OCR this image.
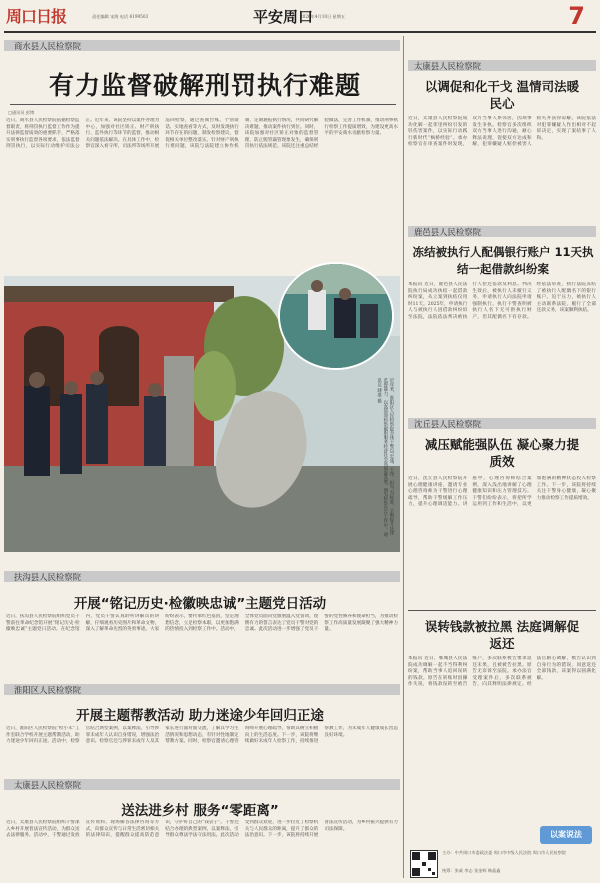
周口日报	责任编辑 宋海 电话 6199503	2026年4月10日 星期五
平安周口	7
商水县人民检察院
有力监督破解刑罚执行难题
□通讯员 彭博
近日，商水县人民检察院依据检察监督职责，将刑罚执行监督工作作为提升法律监督质效的重要抓手，严格落实刑事执行监督各项要求，依法监督刑罚执行，以实际行动维护司法公正。近年来，该院坚持以案件办理为中心，加强对社区矫正、财产刑执行、监外执行等环节的监督，推动相关问题依法解决。在具体工作中，检察官深入看守所、司法所等场所开展巡回检察，通过查阅台账、个别谈话、实地查看等方式，及时发现执行环节存在的问题，制发检察建议，督促相关单位整改落实。针对财产刑执行难问题，该院与法院建立协作机制，定期通报执行情况，共同研究解决难题，推动案件执行到位。同时，该院加强对社区矫正对象的监督管理，防止脱管漏管现象发生，确保刑罚执行依法规范。该院还注重总结经验做法，完善工作机制，推动刑事执行检察工作提质增效，为建设更高水平的平安商水贡献检察力量。
近年来，淮阳区人民检察院全体干警以‘忠诚、干净、担当’为标准，不断提升法律监督能力，以高质效检察履职服务经济社会高质量发展。图为检察官在工作中。通讯员 肆准 摄
扶沟县人民检察院
开展“铭记历史·检徽映忠诚”主题党日活动
近日，扶沟县人民检察院组织党员干警前往革命纪念馆开展“铭记历史·检徽映忠诚”主题党日活动。在纪念馆内，党员干警认真聆听讲解员的讲解，仔细观看历史图片和革命文物，深入了解革命先烈的英勇事迹。大家纷纷表示，要传承红色基因，坚定理想信念，立足检察本职，以更加饱满的热情投入到检察工作中。活动中，全体党员面向党旗重温入党誓词，铿锵有力的誓言表达了党员干警对党的忠诚。此次活动进一步增强了党员干警的党性修养和使命担当，为推动检察工作高质量发展凝聚了强大精神力量。
淮阳区人民检察院
开展主题帮教活动 助力迷途少年回归正途
近日，淮阳区人民检察院“检小未”工作室联合学校开展主题帮教活动，助力迷途少年回归正途。活动中，检察官结合典型案例，以案释法，引导涉罪未成年人认识自身错误，增强法治意识。检察官还与涉罪未成年人及其家长进行面对面交流，了解其学习生活情况和思想动态，有针对性地制定帮教方案。同时，检察官邀请心理咨询师开展心理疏导，帮助其树立积极向上的生活态度。下一步，该院将继续做好未成年人检察工作，持续推进帮教工作，为未成年人健康成长营造良好环境。
太康县人民检察院
送法进乡村 服务“零距离”
近日，太康县人民检察院组织干警深入乡村开展普法宣传活动，为群众送去法律服务。活动中，干警通过发放宣传资料、现场解答法律咨询等方式，向群众宣传与日常生活密切相关的法律知识，提醒群众提高防范意识，守护好自己的“钱袋子”。干警还结合办理的典型案例，以案释法，引导群众尊法学法守法用法。此次活动受到群众欢迎，进一步拉近了检察机关与人民群众的距离，提升了群众的法治意识。下一步，该院将持续开展普法宣传活动，为乡村振兴提供有力司法保障。
太康县人民检察院
以调促和化干戈 温情司法暖民心
近日，太康县人民检察院成功化解一起邻里纠纷引发的轻伤害案件，以实际行动践行新时代“枫桥经验”。承办检察官在审查案件时发现，双方当事人系邻居，因琐事发生争执。检察官多次组织双方当事人进行沟通，耐心释法说理，促使双方达成和解，犯罪嫌疑人赔偿被害人损失并获得谅解。该院依法对犯罪嫌疑人作出相对不起诉决定，实现了案结事了人和。
鹿邑县人民检察院
冻结被执行人配偶银行账户 11天执结一起借款纠纷案
本报讯 近日，鹿邑县人民法院执行局成功执结一起借款纠纷案，从立案到执结仅用时11天。2025年，申请执行人与被执行人因借款纠纷诉至法院，法院依法判决被执行人偿还借款及利息。判决生效后，被执行人未履行义务，申请执行人向法院申请强制执行。执行干警查明被执行人名下无可供执行财产，但其配偶名下有存款。经依法审查，执行法院冻结了被执行人配偶名下的银行账户。迫于压力，被执行人主动联系法院，履行了全部还款义务，该案顺利执结。
沈丘县人民检察院
减压赋能强队伍 凝心聚力提质效
近日，沈丘县人民检察院开展心理健康讲座，邀请专业心理咨询师为干警进行心理疏导，帮助干警缓解工作压力，提升心理调适能力。讲座中，心理咨询师结合案例，深入浅出地讲解了心理健康知识和压力管理技巧。干警们纷纷表示，将把所学运用到工作和生活中，以更加饱满的精神状态投入检察工作。下一步，该院将持续关注干警身心健康，凝心聚力推动检察工作提质增效。
误转钱款被拉黑 法庭调解促返还
本报讯 近日，郸城县人民法院成功调解一起不当得利纠纷案，帮助当事人追回误转的钱款。原告在转账时因操作失误，将钱款误转至被告账户，多次联系被告要求返还未果，且被被告拉黑。原告无奈诉至法院。承办法官受理案件后，多次联系被告，向其释明法律规定。经法官耐心调解，被告认识到自身行为的错误，同意返还全部钱款，该案得以圆满化解。
以案说法
主办：中共周口市委政法委 周口市中级人民法院 周口市人民检察院
统筹：张威 李志 张金辉 韩晶鑫
